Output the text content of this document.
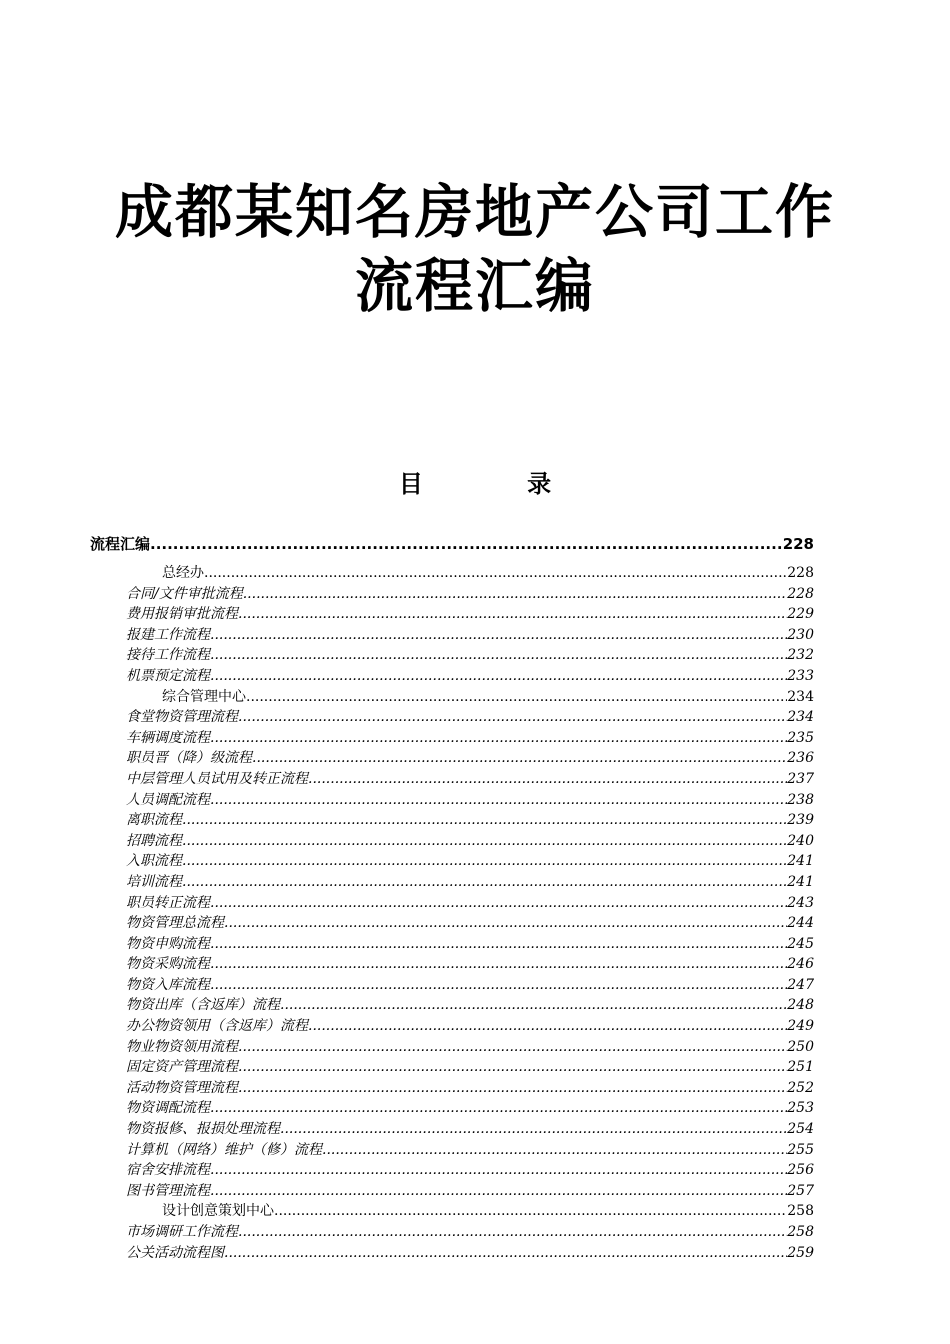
成都某知名房地产公司工作
流程汇编
目 录
流程汇编 .....	228
总经办 .....	228
合同/文件审批流程 .....	228
费用报销审批流程 .....	229
报建工作流程 .....	230
接待工作流程 .....	232
机票预定流程 .....	233
综合管理中心 .....	234
食堂物资管理流程 .....	234
车辆调度流程 .....	235
职员晋（降）级流程 .....	236
中层管理人员试用及转正流程 .....	237
人员调配流程 .....	238
离职流程 .....	239
招聘流程 .....	240
入职流程 .....	241
培训流程 .....	241
职员转正流程 .....	243
物资管理总流程 .....	244
物资申购流程 .....	245
物资采购流程 .....	246
物资入库流程 .....	247
物资出库（含返库）流程 .....	248
办公物资领用（含返库）流程 .....	249
物业物资领用流程 .....	250
固定资产管理流程 .....	251
活动物资管理流程 .....	252
物资调配流程 .....	253
物资报修、报损处理流程 .....	254
计算机（网络）维护（修）流程 .....	255
宿舍安排流程 .....	256
图书管理流程 .....	257
设计创意策划中心 .....	258
市场调研工作流程 .....	258
公关活动流程图 .....	259
